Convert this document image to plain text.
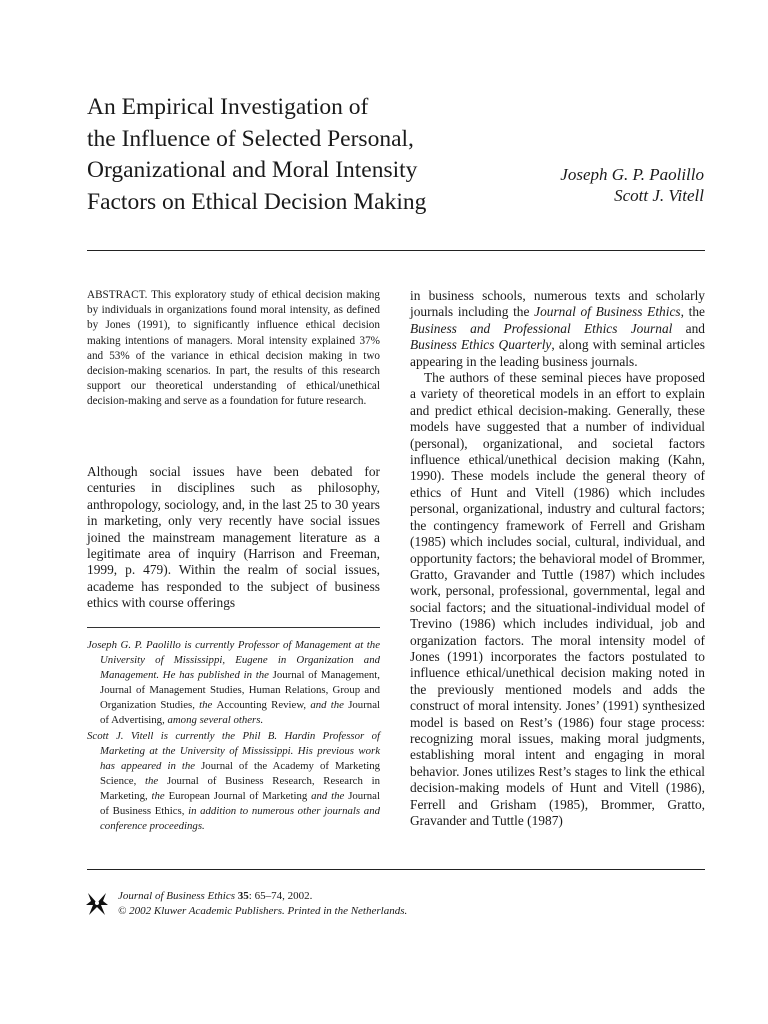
An Empirical Investigation of
the Influence of Selected Personal,
Organizational and Moral Intensity
Factors on Ethical Decision Making
Joseph G. P. Paolillo
Scott J. Vitell
ABSTRACT. This exploratory study of ethical decision making by individuals in organizations found moral intensity, as defined by Jones (1991), to significantly influence ethical decision making intentions of managers. Moral intensity explained 37% and 53% of the variance in ethical decision making in two decision-making scenarios. In part, the results of this research support our theoretical understanding of ethical/unethical decision-making and serve as a foundation for future research.
Although social issues have been debated for centuries in disciplines such as philosophy, anthropology, sociology, and, in the last 25 to 30 years in marketing, only very recently have social issues joined the mainstream management literature as a legitimate area of inquiry (Harrison and Freeman, 1999, p. 479). Within the realm of social issues, academe has responded to the subject of business ethics with course offerings

Joseph G. P. Paolillo is currently Professor of Management at the University of Mississippi, Eugene in Organization and Management. He has published in the Journal of Management, Journal of Management Studies, Human Relations, Group and Organization Studies, the Accounting Review, and the Journal of Advertising, among several others.

Scott J. Vitell is currently the Phil B. Hardin Professor of Marketing at the University of Mississippi. His previous work has appeared in the Journal of the Academy of Marketing Science, the Journal of Business Research, Research in Marketing, the European Journal of Marketing and the Journal of Business Ethics, in addition to numerous other journals and conference proceedings.

in business schools, numerous texts and scholarly journals including the Journal of Business Ethics, the Business and Professional Ethics Journal and Business Ethics Quarterly, along with seminal articles appearing in the leading business journals.

The authors of these seminal pieces have proposed a variety of theoretical models in an effort to explain and predict ethical decision-making. Generally, these models have suggested that a number of individual (personal), organizational, and societal factors influence ethical/unethical decision making (Kahn, 1990). These models include the general theory of ethics of Hunt and Vitell (1986) which includes personal, organizational, industry and cultural factors; the contingency framework of Ferrell and Grisham (1985) which includes social, cultural, individual, and opportunity factors; the behavioral model of Brommer, Gratto, Gravander and Tuttle (1987) which includes work, personal, professional, governmental, legal and social factors; and the situational-individual model of Trevino (1986) which includes individual, job and organization factors. The moral intensity model of Jones (1991) incorporates the factors postulated to influence ethical/unethical decision making noted in the previously mentioned models and adds the construct of moral intensity. Jones’ (1991) synthesized model is based on Rest’s (1986) four stage process: recognizing moral issues, making moral judgments, establishing moral intent and engaging in moral behavior. Jones utilizes Rest’s stages to link the ethical decision-making models of Hunt and Vitell (1986), Ferrell and Grisham (1985), Brommer, Gratto, Gravander and Tuttle (1987)

Journal of Business Ethics 35: 65–74, 2002.
© 2002 Kluwer Academic Publishers. Printed in the Netherlands.
